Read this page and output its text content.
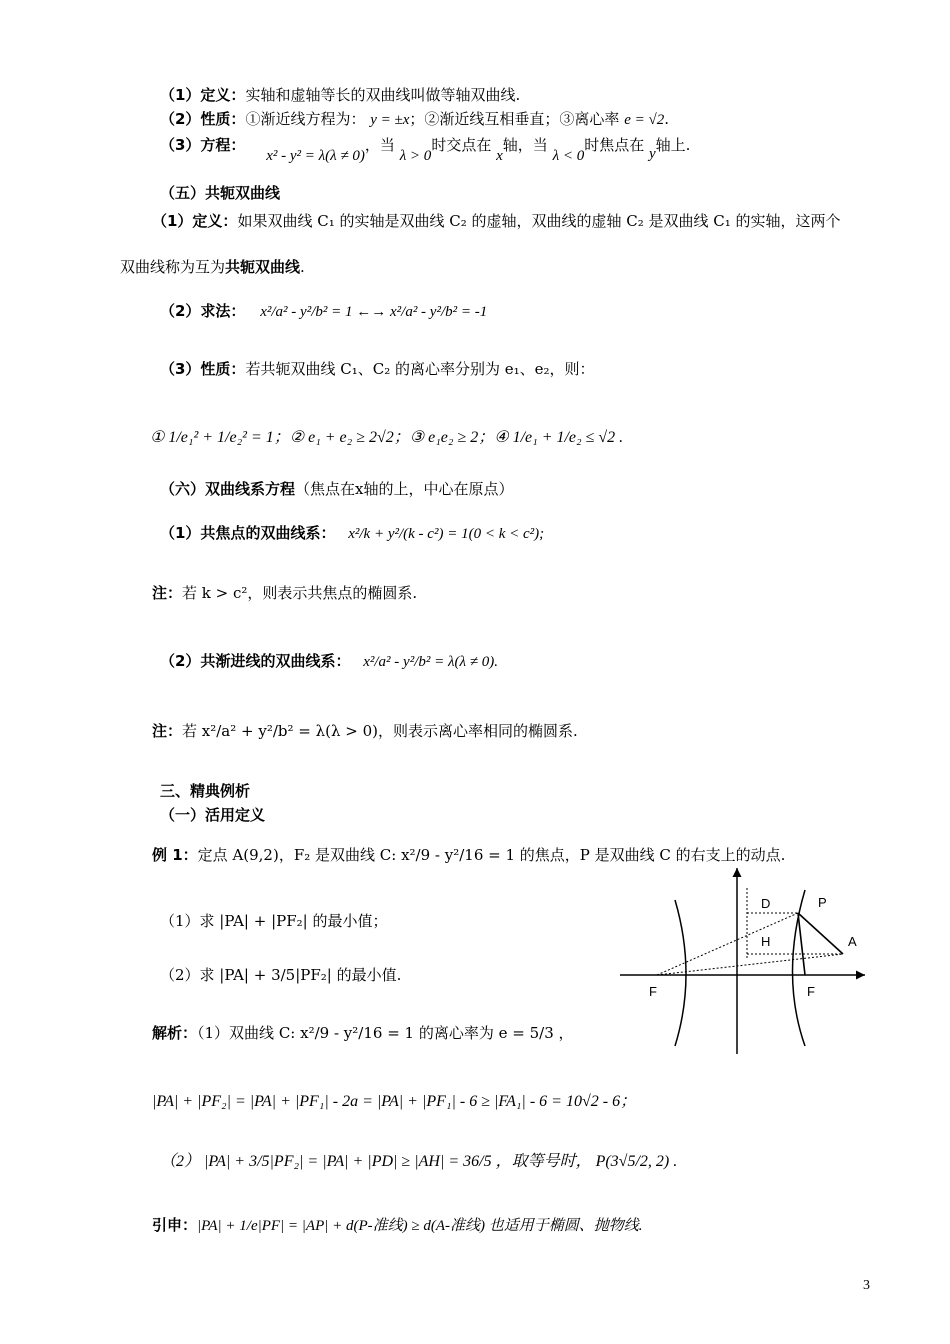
（1）定义：实轴和虚轴等长的双曲线叫做等轴双曲线.
（2）性质：①渐近线方程为： y = ±x；②渐近线互相垂直；③离心率 e = √2.
（3）方程： x² - y² = λ(λ ≠ 0)，当 λ > 0时交点在 x轴，当 λ < 0时焦点在 y轴上.
（五）共轭双曲线
（1）定义：如果双曲线 C₁ 的实轴是双曲线 C₂ 的虚轴，双曲线的虚轴 C₂ 是双曲线 C₁ 的实轴，这两个
双曲线称为互为共轭双曲线.
（2）求法： x²/a² - y²/b² = 1 ←→ x²/a² - y²/b² = -1
（3）性质：若共轭双曲线 C₁、C₂ 的离心率分别为 e₁、e₂，则：
① 1/e₁² + 1/e₂² = 1；② e₁ + e₂ ≥ 2√2；③ e₁e₂ ≥ 2；④ 1/e₁ + 1/e₂ ≤ √2 .
（六）双曲线系方程（焦点在x轴的上，中心在原点）
（1）共焦点的双曲线系： x²/k + y²/(k - c²) = 1(0 < k < c²);
注：若 k > c²，则表示共焦点的椭圆系.
（2）共渐进线的双曲线系： x²/a² - y²/b² = λ(λ ≠ 0).
注：若 x²/a² + y²/b² = λ(λ > 0)，则表示离心率相同的椭圆系.
三、精典例析
（一）活用定义
例 1：定点 A(9,2)，F₂ 是双曲线 C: x²/9 - y²/16 = 1 的焦点，P 是双曲线 C 的右支上的动点.
（1）求 |PA| + |PF₂| 的最小值；
（2）求 |PA| + 3/5|PF₂| 的最小值.
解析：（1）双曲线 C: x²/9 - y²/16 = 1 的离心率为 e = 5/3 ，
|PA| + |PF₂| = |PA| + |PF₁| - 2a = |PA| + |PF₁| - 6 ≥ |FA₁| - 6 = 10√2 - 6；
（2） |PA| + 3/5|PF₂| = |PA| + |PD| ≥ |AH| = 36/5 ，取等号时， P(3√5/2, 2) .
引申：|PA| + 1/e|PF| = |AP| + d(P-准线) ≥ d(A-准线) 也适用于椭圆、抛物线.
D	P
H	A
F	F
3
